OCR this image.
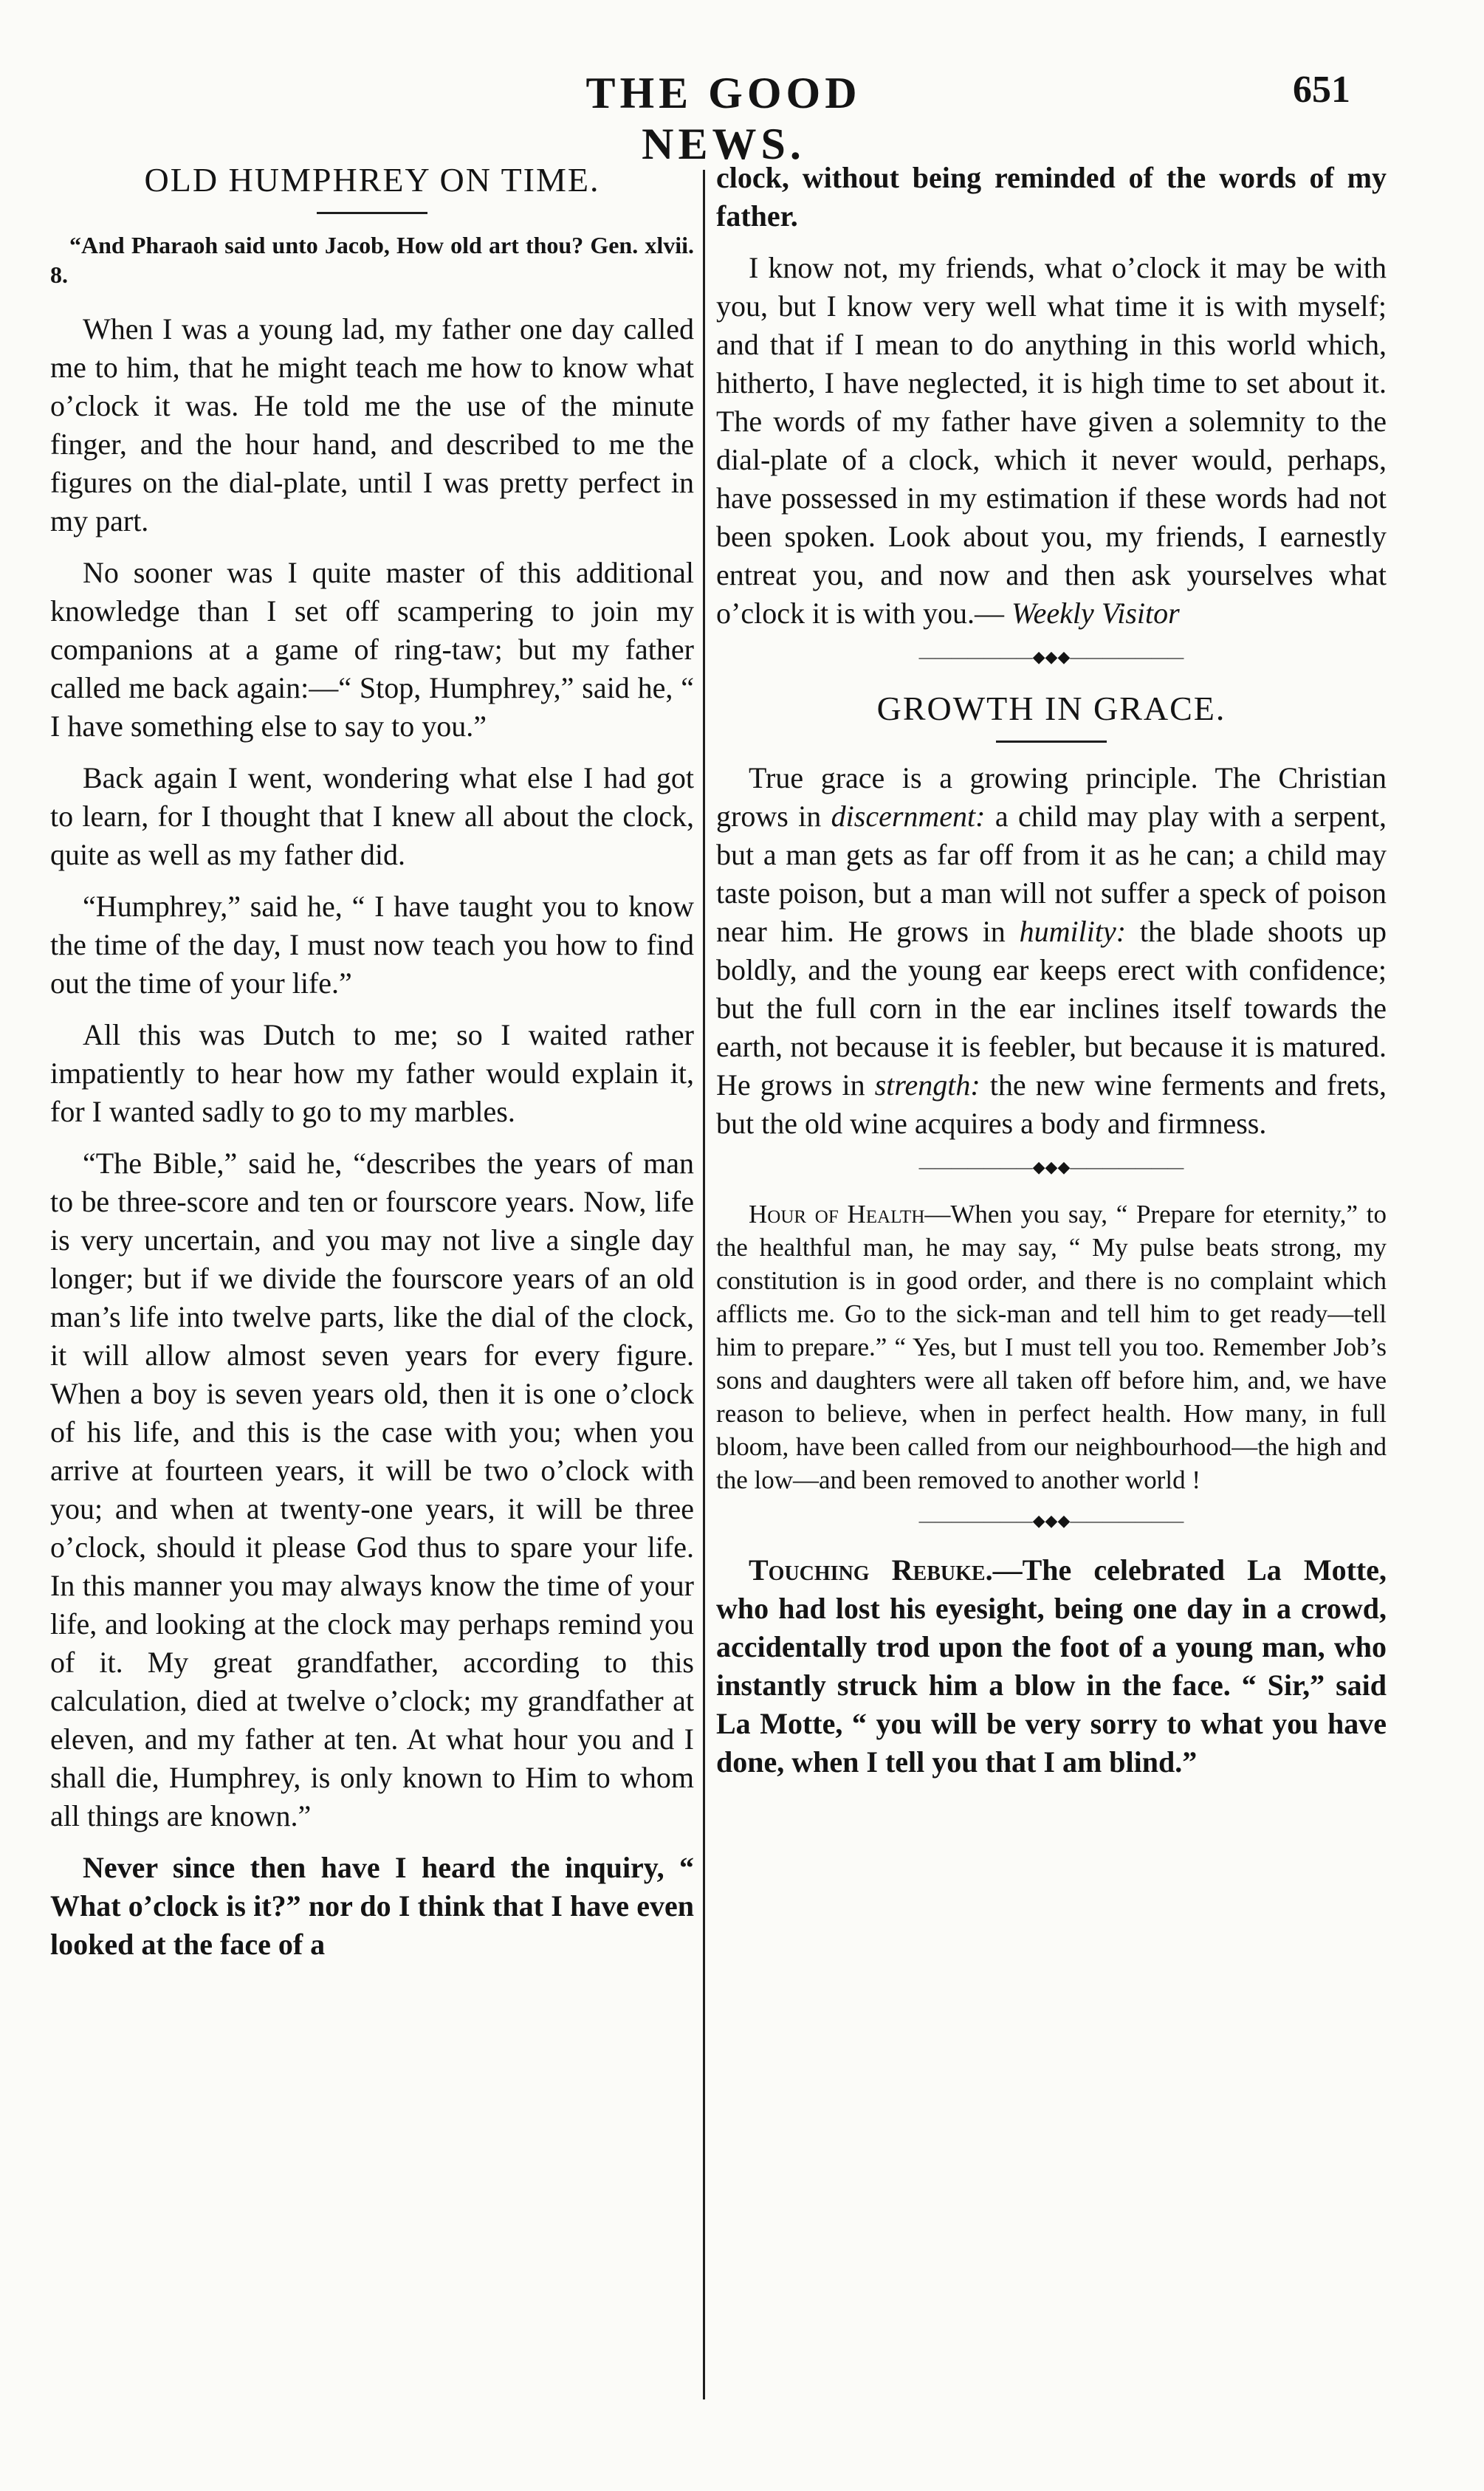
THE GOOD NEWS.
651
OLD HUMPHREY ON TIME.
“And Pharaoh said unto Jacob, How old art thou? Gen. xlvii. 8.

When I was a young lad, my father one day called me to him, that he might teach me how to know what o’clock it was. He told me the use of the minute finger, and the hour hand, and described to me the figures on the dial-plate, until I was pretty perfect in my part.

No sooner was I quite master of this additional knowledge than I set off scampering to join my companions at a game of ring-taw; but my father called me back again:—“ Stop, Humphrey,” said he, “ I have something else to say to you.”

Back again I went, wondering what else I had got to learn, for I thought that I knew all about the clock, quite as well as my father did.

“Humphrey,” said he, “ I have taught you to know the time of the day, I must now teach you how to find out the time of your life.”

All this was Dutch to me; so I waited rather impatiently to hear how my father would explain it, for I wanted sadly to go to my marbles.

“The Bible,” said he, “describes the years of man to be three-score and ten or fourscore years. Now, life is very uncertain, and you may not live a single day longer; but if we divide the fourscore years of an old man’s life into twelve parts, like the dial of the clock, it will allow almost seven years for every figure. When a boy is seven years old, then it is one o’clock of his life, and this is the case with you; when you arrive at fourteen years, it will be two o’clock with you; and when at twenty-one years, it will be three o’clock, should it please God thus to spare your life. In this manner you may always know the time of your life, and looking at the clock may perhaps remind you of it. My great grandfather, according to this calculation, died at twelve o’clock; my grandfather at eleven, and my father at ten. At what hour you and I shall die, Humphrey, is only known to Him to whom all things are known.”

Never since then have I heard the inquiry, “ What o’clock is it?” nor do I think that I have even looked at the face of a

clock, without being reminded of the words of my father.

I know not, my friends, what o’clock it may be with you, but I know very well what time it is with myself; and that if I mean to do anything in this world which, hitherto, I have neglected, it is high time to set about it. The words of my father have given a solemnity to the dial-plate of a clock, which it never would, perhaps, have possessed in my estimation if these words had not been spoken. Look about you, my friends, I earnestly entreat you, and now and then ask yourselves what o’clock it is with you.— Weekly Visitor

———————◆◆◆———————
GROWTH IN GRACE.

True grace is a growing principle. The Christian grows in discernment: a child may play with a serpent, but a man gets as far off from it as he can; a child may taste poison, but a man will not suffer a speck of poison near him. He grows in humility: the blade shoots up boldly, and the young ear keeps erect with confidence; but the full corn in the ear inclines itself towards the earth, not because it is feebler, but because it is matured. He grows in strength: the new wine ferments and frets, but the old wine acquires a body and firmness.

———————◆◆◆———————

Hour of Health—When you say, “ Prepare for eternity,” to the healthful man, he may say, “ My pulse beats strong, my constitution is in good order, and there is no complaint which afflicts me. Go to the sick-man and tell him to get ready—tell him to prepare.” “ Yes, but I must tell you too. Remember Job’s sons and daughters were all taken off before him, and, we have reason to believe, when in perfect health. How many, in full bloom, have been called from our neighbourhood—the high and the low—and been removed to another world !

———————◆◆◆———————

Touching Rebuke.—The celebrated La Motte, who had lost his eyesight, being one day in a crowd, accidentally trod upon the foot of a young man, who instantly struck him a blow in the face. “ Sir,” said La Motte, “ you will be very sorry to what you have done, when I tell you that I am blind.”
